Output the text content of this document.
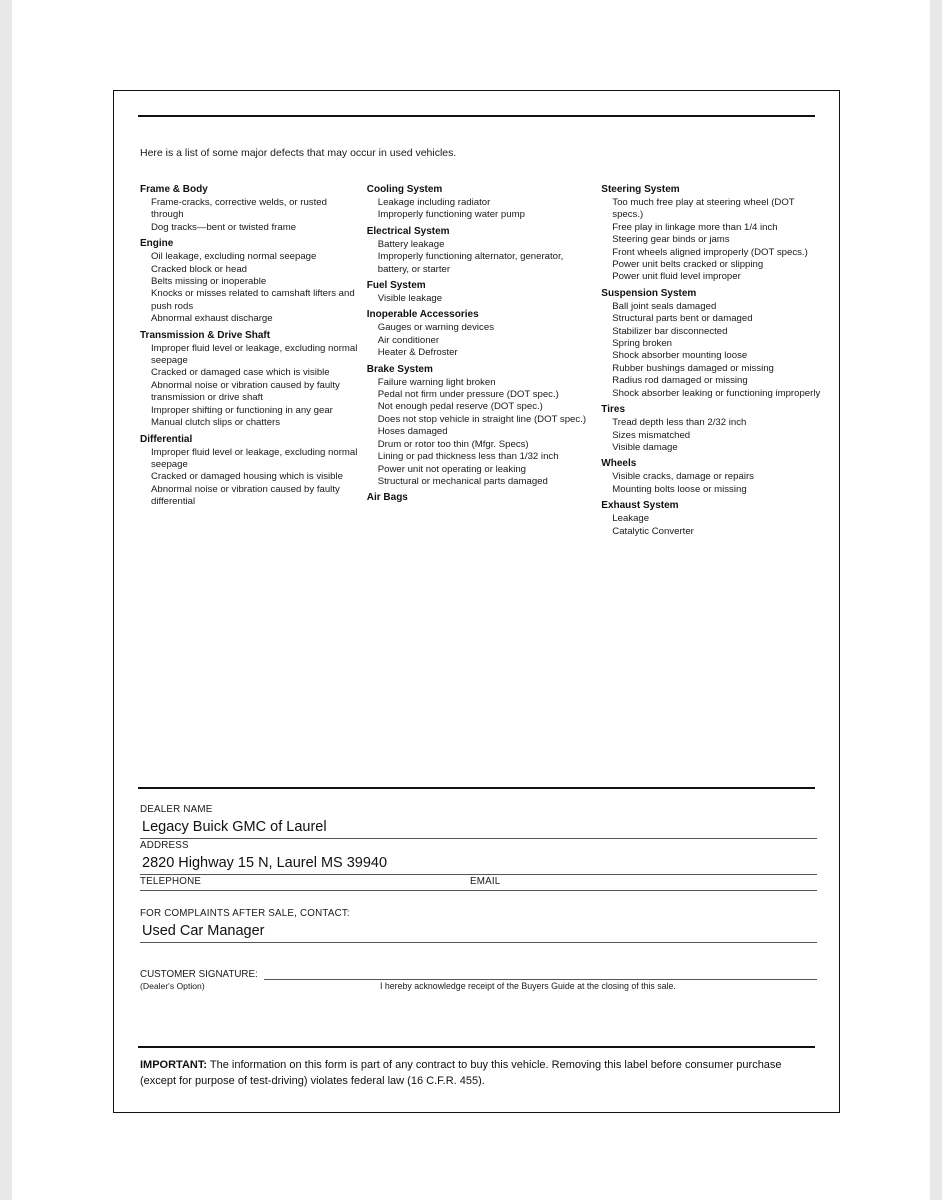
Here is a list of some major defects that may occur in used vehicles.
Frame & Body
Frame-cracks, corrective welds, or rusted through
Dog tracks—bent or twisted frame
Engine
Oil leakage, excluding normal seepage
Cracked block or head
Belts missing or inoperable
Knocks or misses related to camshaft lifters and push rods
Abnormal exhaust discharge
Transmission & Drive Shaft
Improper fluid level or leakage, excluding normal seepage
Cracked or damaged case which is visible
Abnormal noise or vibration caused by faulty transmission or drive shaft
Improper shifting or functioning in any gear
Manual clutch slips or chatters
Differential
Improper fluid level or leakage, excluding normal seepage
Cracked or damaged housing which is visible
Abnormal noise or vibration caused by faulty differential
Cooling System
Leakage including radiator
Improperly functioning water pump
Electrical System
Battery leakage
Improperly functioning alternator, generator, battery, or starter
Fuel System
Visible leakage
Inoperable Accessories
Gauges or warning devices
Air conditioner
Heater & Defroster
Brake System
Failure warning light broken
Pedal not firm under pressure (DOT spec.)
Not enough pedal reserve (DOT spec.)
Does not stop vehicle in straight line (DOT spec.)
Hoses damaged
Drum or rotor too thin (Mfgr. Specs)
Lining or pad thickness less than 1/32 inch
Power unit not operating or leaking
Structural or mechanical parts damaged
Air Bags
Steering System
Too much free play at steering wheel (DOT specs.)
Free play in linkage more than 1/4 inch
Steering gear binds or jams
Front wheels aligned improperly (DOT specs.)
Power unit belts cracked or slipping
Power unit fluid level improper
Suspension System
Ball joint seals damaged
Structural parts bent or damaged
Stabilizer bar disconnected
Spring broken
Shock absorber mounting loose
Rubber bushings damaged or missing
Radius rod damaged or missing
Shock absorber leaking or functioning improperly
Tires
Tread depth less than 2/32 inch
Sizes mismatched
Visible damage
Wheels
Visible cracks, damage or repairs
Mounting bolts loose or missing
Exhaust System
Leakage
Catalytic Converter
DEALER NAME
Legacy Buick GMC of Laurel
ADDRESS
2820 Highway 15 N, Laurel MS 39940
TELEPHONE	EMAIL
FOR COMPLAINTS AFTER SALE, CONTACT:
Used Car Manager
CUSTOMER SIGNATURE:
(Dealer's Option)	I hereby acknowledge receipt of the Buyers Guide at the closing of this sale.
IMPORTANT: The information on this form is part of any contract to buy this vehicle. Removing this label before consumer purchase (except for purpose of test-driving) violates federal law (16 C.F.R. 455).
